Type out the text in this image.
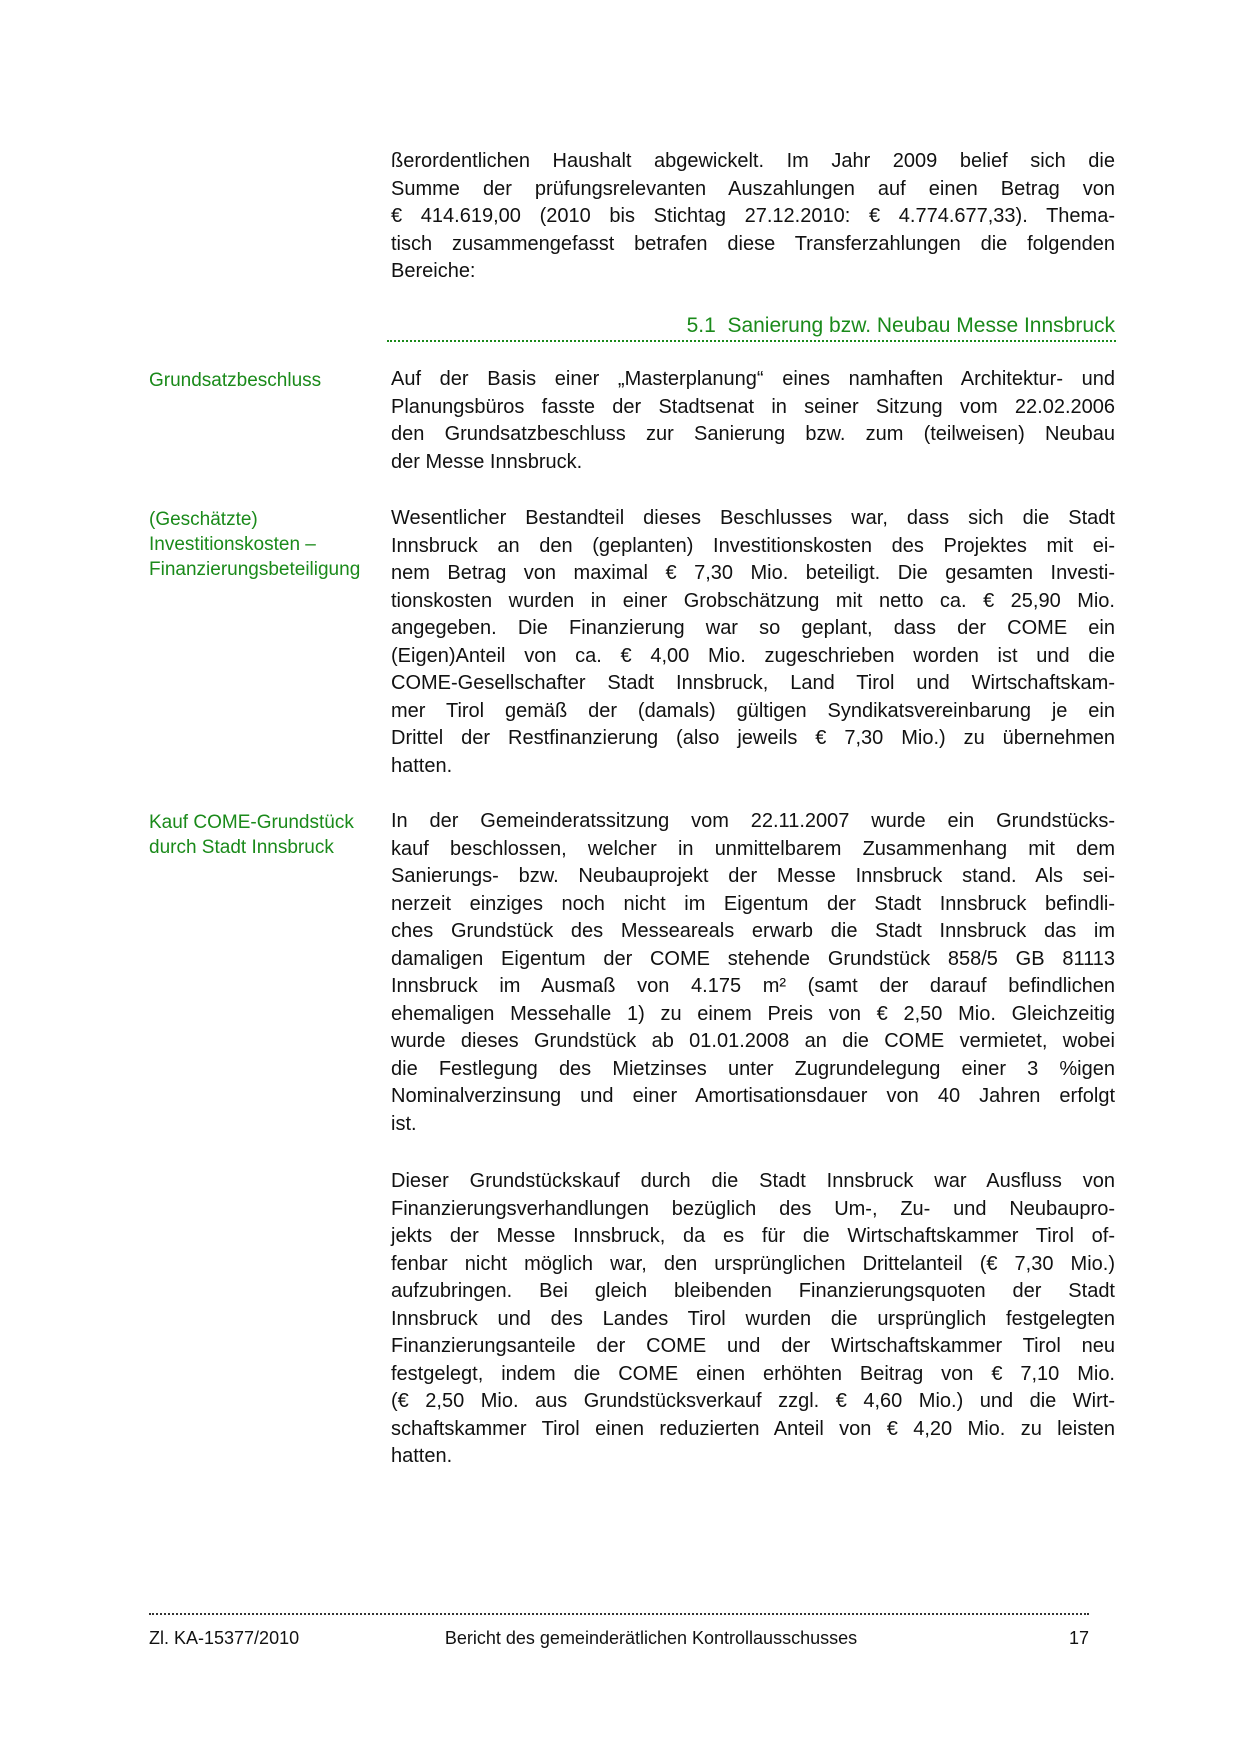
ßerordentlichen Haushalt abgewickelt. Im Jahr 2009 belief sich die
Summe der prüfungsrelevanten Auszahlungen auf einen Betrag von
€ 414.619,00 (2010 bis Stichtag 27.12.2010: € 4.774.677,33). Thema-
tisch zusammengefasst betrafen diese Transferzahlungen die folgenden
Bereiche:
5.1  Sanierung bzw. Neubau Messe Innsbruck
Auf der Basis einer „Masterplanung“ eines namhaften Architektur- und
Planungsbüros fasste der Stadtsenat in seiner Sitzung vom 22.02.2006
den Grundsatzbeschluss zur Sanierung bzw. zum (teilweisen) Neubau
der Messe Innsbruck.
Grundsatzbeschluss
Wesentlicher Bestandteil dieses Beschlusses war, dass sich die Stadt
Innsbruck an den (geplanten) Investitionskosten des Projektes mit ei-
nem Betrag von maximal € 7,30 Mio. beteiligt. Die gesamten Investi-
tionskosten wurden in einer Grobschätzung mit netto ca. € 25,90 Mio.
angegeben. Die Finanzierung war so geplant, dass der COME ein
(Eigen)Anteil von ca. € 4,00 Mio. zugeschrieben worden ist und die
COME-Gesellschafter Stadt Innsbruck, Land Tirol und Wirtschaftskam-
mer Tirol gemäß der (damals) gültigen Syndikatsvereinbarung je ein
Drittel der Restfinanzierung (also jeweils € 7,30 Mio.) zu übernehmen
hatten.
(Geschätzte)
Investitionskosten –
Finanzierungsbeteiligung
In der Gemeinderatssitzung vom 22.11.2007 wurde ein Grundstücks-
kauf beschlossen, welcher in unmittelbarem Zusammenhang mit dem
Sanierungs- bzw. Neubauprojekt der Messe Innsbruck stand. Als sei-
nerzeit einziges noch nicht im Eigentum der Stadt Innsbruck befindli-
ches Grundstück des Messeareals erwarb die Stadt Innsbruck das im
damaligen Eigentum der COME stehende Grundstück 858/5 GB 81113
Innsbruck im Ausmaß von 4.175 m² (samt der darauf befindlichen
ehemaligen Messehalle 1) zu einem Preis von € 2,50 Mio. Gleichzeitig
wurde dieses Grundstück ab 01.01.2008 an die COME vermietet, wobei
die Festlegung des Mietzinses unter Zugrundelegung einer 3 %igen
Nominalverzinsung und einer Amortisationsdauer von 40 Jahren erfolgt
ist.
Kauf COME-Grundstück
durch Stadt Innsbruck
Dieser Grundstückskauf durch die Stadt Innsbruck war Ausfluss von
Finanzierungsverhandlungen bezüglich des Um-, Zu- und Neubaupro-
jekts der Messe Innsbruck, da es für die Wirtschaftskammer Tirol of-
fenbar nicht möglich war, den ursprünglichen Drittelanteil (€ 7,30 Mio.)
aufzubringen. Bei gleich bleibenden Finanzierungsquoten der Stadt
Innsbruck und des Landes Tirol wurden die ursprünglich festgelegten
Finanzierungsanteile der COME und der Wirtschaftskammer Tirol neu
festgelegt, indem die COME einen erhöhten Beitrag von € 7,10 Mio.
(€ 2,50 Mio. aus Grundstücksverkauf zzgl. € 4,60 Mio.) und die Wirt-
schaftskammer Tirol einen reduzierten Anteil von € 4,20 Mio. zu leisten
hatten.
Zl. KA-15377/2010	Bericht des gemeinderätlichen Kontrollausschusses	17
